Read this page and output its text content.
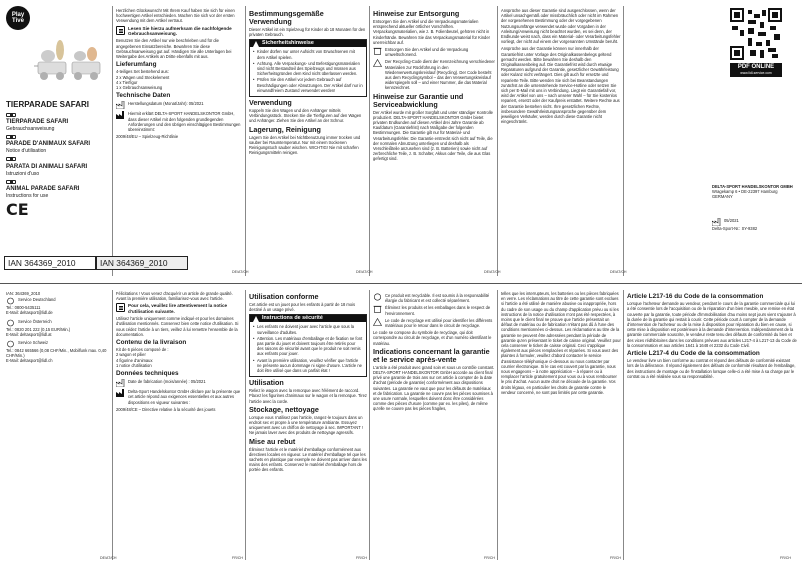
Play Tive
TIERPARADE SAFARI
TIERPARADE SAFARI
Gebrauchsanweisung
PARADE D'ANIMAUX SAFARI
Notice d'utilisation
PARATA DI ANIMALI SAFARI
Istruzioni d'uso
ANIMAL PARADE SAFARI
Instructions for use
CE
IAN 364369_2010	IAN 364369_2010

Herzlichen Glückwunsch! Mit Ihrem Kauf haben Sie sich für einen hochwertigen Artikel entschieden. Machen Sie sich vor der ersten Verwendung mit dem Artikel vertraut.

Lesen Sie hierzu aufmerksam die nachfolgende Gebrauchsanweisung.

Benutzen Sie den Artikel nur wie beschrieben und für die angegebenen Einsatzbereiche. Bewahren Sie diese Gebrauchsanweisung gut auf. Händigen Sie alle Unterlagen bei Weitergabe des Artikels an Dritte ebenfalls mit aus.

Lieferumfang
4-teiliges Set bestehend aus:
2 x Wagen und Steckelement
4 x Tierfigur
1 x Gebrauchsanweisung
Technische Daten
Herstellungsdatum (Monat/Jahr): 05/2021
Hiermit erklärt DELTA-SPORT HANDELSKONTOR GmbH, dass dieser Artikel mit den folgenden grundlegenden Anforderungen und den übrigen einschlägigen Bestimmungen übereinstimmt:

2009/48/EU – Spielzeug-Richtlinie

Bestimmungsgemäße Verwendung

Dieser Artikel ist ein Spielzeug für Kinder ab 18 Monaten für den privaten Gebrauch.

Sicherheitshinweise
• Kinder dürfen nur unter Aufsicht von Erwachsenen mit dem Artikel spielen.
• Achtung. Alle Verpackungs- und Befestigungsmaterialien sind nicht Bestandteil des Spielzeugs und müssen aus Sicherheitsgründen dem Kind nicht überlassen werden.
• Prüfen Sie den Artikel vor jedem Gebrauch auf Beschädigungen oder Abnutzungen. Der Artikel darf nur in einwandfreiem Zustand verwendet werden!
Verwendung

Koppeln Sie den Wagen und den Anhänger mittels Verbindungsstück. Stecken Sie die Tierfiguren auf den Wagen und Anhänger. Ziehen Sie den Artikel an der Schnur.

Lagerung, Reinigung

Lagern Sie den Artikel bei Nichtbenutzung immer trocken und sauber bei Raumtemperatur. Nur mit einem trockenen Reinigungstuch sauber wischen. WICHTIG! Nie mit scharfen Reinigungsmitteln reinigen.

Hinweise zur Entsorgung

Entsorgen Sie den Artikel und die Verpackungsmaterialien entsprechend aktueller örtlicher Vorschriften. Verpackungsmaterialien, wie z. B. Folienbeutel, gehören nicht in Kinderhände. Bewahren Sie das Verpackungsmaterial für Kinder unerreichbar auf.

Entsorgen Sie den Artikel und die Verpackung umweltschonend.
Der Recycling-Code dient der Kennzeichnung verschiedener Materialien zur Rückführung in den Wiederverwertungskreislauf (Recycling). Der Code besteht aus dem Recyclingsymbol – das den Verwertungskreislauf widerspiegeln soll – und einer Nummer, die das Material kennzeichnet.
Hinweise zur Garantie und Serviceabwicklung

Der Artikel wurde mit großer Sorgfalt und unter ständiger Kontrolle produziert. DELTA-SPORT HANDELSKONTOR GmbH bietet privaten Endkunden auf diesen Artikel drei Jahre Garantie ab Kaufdatum (Garantiefrist) nach Maßgabe der folgenden Bestimmungen. Die Garantie gilt nur für Material- und Verarbeitungsfehler. Die Garantie erstreckt sich nicht auf Teile, die der normalen Abnutzung unterliegen und deshalb als Verschleißteile anzusehen sind (z. B. Batterien) sowie nicht auf zerbrechliche Teile, z. B. Schalter, Akkus oder Teile, die aus Glas gefertigt sind.

Ansprüche aus dieser Garantie sind ausgeschlossen, wenn der Artikel unsachgemäß oder missbräuchlich oder nicht im Rahmen der vorgesehenen Bestimmung oder der vorgegebenen Nutzungsumfänge verwendet wurde oder Vorgaben in der Anleitung/Anweisung nicht beachtet wurden, es sei denn, der Endkunde weist nach, dass ein Material- oder Verarbeitungsfehler vorliegt, der nicht auf einem der vorgenannten Umstände beruht.

Ansprüche aus der Garantie können nur innerhalb der Garantiefrist unter Vorlage des Originalkassenbelegs geltend gemacht werden. Bitte bewahren Sie deshalb den Originalkassenbeleg auf. Die Garantiefrist wird durch etwaige Reparaturen aufgrund der Garantie, gesetzlicher Gewährleistung oder Kulanz nicht verlängert. Dies gilt auch für ersetzte und reparierte Teile. Bitte wenden Sie sich bei Beanstandungen zunächst an die untenstehende Service-Hotline oder setzen Sie sich per E-Mail mit uns in Verbindung. Liegt ein Garantiefall vor, wird der Artikel von uns – nach unserer Wahl – für Sie kostenlos repariert, ersetzt oder der Kaufpreis erstattet. Weitere Rechte aus der Garantie bestehen nicht. Ihre gesetzlichen Rechte, insbesondere Gewährleistungsansprüche gegenüber dem jeweiligen Verkäufer, werden durch diese Garantie nicht eingeschränkt.

PDF ONLINE
www.lidl-service.com
DELTA-SPORT HANDELSKONTOR GMBH
Wragekamp 6 • DE-22397 Hamburg
GERMANY
05/2021
Delta-Sport-Nr.: SY-9382
DE/AT/CH	DE/AT/CH	DE/AT/CH	DE/AT/CH

IAN: 364369_2010

Service Deutschland
Tel.: 0800-5435111
E-Mail: deltasport@lidl.de
Service Österreich
Tel.: 0820 201 222 (0,15 EUR/Min.)
E-Mail: deltasport@lidl.at
Service Schweiz
Tel.: 0842 665566 (0,08 CHF/Min., Mobilfunk max. 0,40 CHF/Min.)
E-Mail: deltasport@lidl.ch

Félicitations ! Vous venez d'acquérir un article de grande qualité. Avant la première utilisation, familiarisez-vous avec l'article.

Pour cela, veuillez lire attentivement la notice d'utilisation suivante.

Utilisez l'article uniquement comme indiqué et pour les domaines d'utilisation mentionnés. Conservez bien cette notice d'utilisation. Si vous cédez l'article à un tiers, veillez à lui remettre l'ensemble de la documentation.

Contenu de la livraison
Kit de 6 pièces composé de :
2 wagon et pilier
4 figurine d'animaux
1 notice d'utilisation
Données techniques
Date de fabrication (mois/année) : 05/2021
Delta-Sport Handelskontor GmbH déclare par la présente que cet article répond aux exigences essentielles et aux autres dispositions en vigueur suivantes :

2009/48/CE – Directive relative à la sécurité des jouets

Utilisation conforme

Cet article est un jouet pour les enfants à partir de 18 mois destiné à un usage privé.

Instructions de sécurité
• Les enfants ne doivent jouer avec l'article que sous la surveillance d'adultes.
• Attention. Les matériaux d'emballage et de fixation ne font pas partie du jouet et doivent toujours être retirés pour des raisons de sécurité avant que le produit ne soit remis aux enfants pour jouer.
• Avant la première utilisation, veuillez vérifier que l'article ne présente aucun dommage ni signe d'usure. L'article ne doit être utilisé que dans un parfait état !
Utilisation

Reliez le wagon avec la remorque avec l'élément de raccord. Placez les figurines d'animaux sur le wagon et la remorque. Tirez l'article avec la corde.

Stockage, nettoyage

Lorsque vous n'utilisez pas l'article, rangez-le toujours dans un endroit sec et propre à une température ambiante. Essuyez uniquement avec un chiffon de nettoyage à sec. IMPORTANT ! Ne jamais laver avec des produits de nettoyage agressifs.

Mise au rebut

Éliminez l'article et le matériel d'emballage conformément aux directives locales en vigueur. Le matériel d'emballage tel que les sachets en plastique par exemple ne doivent pas arriver dans les mains des enfants. Conservez le matériel d'emballage hors de portée des enfants.

Ce produit est recyclable. Il est soumis à la responsabilité élargie du fabricant et est collecté séparément.
Éliminez les produits et les emballages dans le respect de l'environnement.
Le code de recyclage est utilisé pour identifier les différents matériaux pour le retour dans le circuit de recyclage.

Le code se compose du symbole de recyclage, qui doit correspondre au circuit de recyclage, et d'un numéro identifiant le matériau.

Indications concernant la garantie et le service après-vente

L'article a été produit avec grand soin et sous un contrôle constant. DELTA-SPORT HANDELSKONTOR GmbH accorde au client final privé une garantie de trois ans sur cet article à compter de la date d'achat (période de garantie) conformément aux dispositions suivantes. La garantie ne vaut que pour les défauts de matériaux et de fabrication. La garantie ne couvre pas les pièces soumises à une usure normale, lesquelles doivent donc être considérées comme des pièces d'usure (comme par ex. les piles), de même qu'elle ne couvre pas les pièces fragiles,

telles que les interrupteurs, les batteries ou les pièces fabriquées en verre. Les réclamations au titre de cette garantie sont exclues si l'article a été utilisé de manière abusive ou inappropriée, hors du cadre de son usage ou du champ d'application prévu ou si les instructions de la notice d'utilisation n'ont pas été respectées, à moins que le client final ne prouve que l'article présentait un défaut de matériau ou de fabrication n'étant pas dû à l'une des conditions mentionnées ci-dessus. Les réclamations au titre de la garantie ne peuvent être adressées pendant la période de garantie qu'en présentant le ticket de caisse original. Veuillez pour cela conserver le ticket de caisse original. Ceci s'applique également aux pièces remplacées et réparées. Si vous avez des plaintes à formuler, veuillez d'abord contacter le service d'assistance téléphonique ci-dessous ou nous contacter par courrier électronique. Si le cas est couvert par la garantie, nous nous engageons – à notre appréciation – à réparer ou à remplacer l'article gratuitement pour vous ou à vous rembourser le prix d'achat. Aucun autre droit ne découle de la garantie. Vos droits légaux, en particulier les droits de garantie contre le vendeur concerné, ne sont pas limités par cette garantie.

Article L217-16 du Code de la consommation

Lorsque l'acheteur demande au vendeur, pendant le cours de la garantie commerciale qui lui a été consentie lors de l'acquisition ou de la réparation d'un bien meuble, une remise en état couverte par la garantie, toute période d'immobilisation d'au moins sept jours vient s'ajouter à la durée de la garantie qui restait à courir. Cette période court à compter de la demande d'intervention de l'acheteur ou de la mise à disposition pour réparation du bien en cause, si cette mise à disposition est postérieure à la demande d'intervention. Indépendamment de la garantie commerciale souscrite, le vendeur reste tenu des défauts de conformité du bien et des vices rédhibitoires dans les conditions prévues aux articles L217-4 à L217-13 du Code de la consommation et aux articles 1641 à 1648 et 2232 du Code Civil.

Article L217-4 du Code de la consommation

Le vendeur livre un bien conforme au contrat et répond des défauts de conformité existant lors de la délivrance. Il répond également des défauts de conformité résultant de l'emballage, des instructions de montage ou de l'installation lorsque celle-ci a été mise à sa charge par le contrat ou a été réalisée sous sa responsabilité.

DE/AT/CH	FR/CH	FR/CH	FR/CH	FR/CH	FR/CH
